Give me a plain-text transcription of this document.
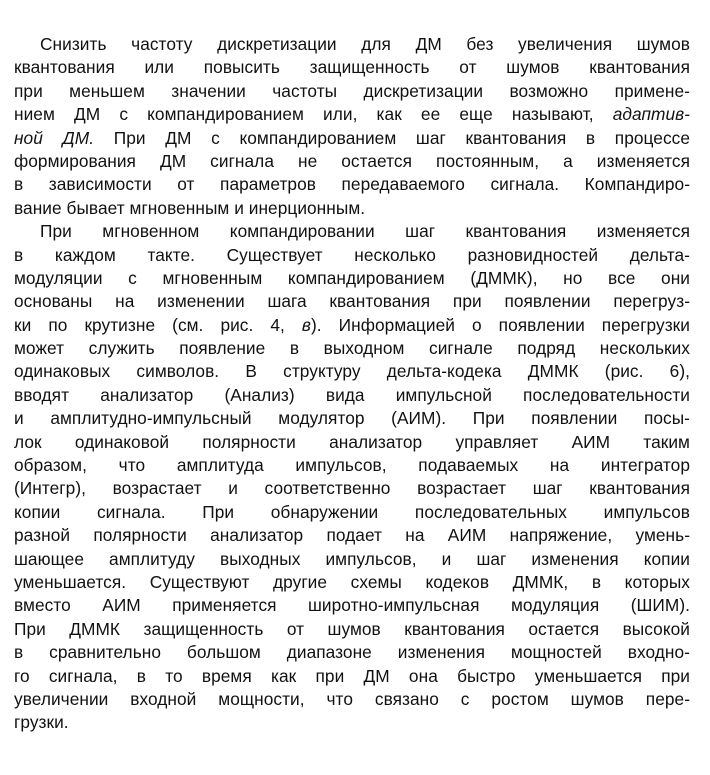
Снизить частоту дискретизации для ДМ без увеличения шумов
квантования или повысить защищенность от шумов квантования
при меньшем значении частоты дискретизации возможно примене-
нием ДМ с компандированием или, как ее еще называют, адаптив-
ной ДМ. При ДМ с компандированием шаг квантования в процессе
формирования ДМ сигнала не остается постоянным, а изменяется
в зависимости от параметров передаваемого сигнала. Компандиро-
вание бывает мгновенным и инерционным.
При мгновенном компандировании шаг квантования изменяется
в каждом такте. Существует несколько разновидностей дельта-
модуляции с мгновенным компандированием (ДММК), но все они
основаны на изменении шага квантования при появлении перегруз-
ки по крутизне (см. рис. 4, в). Информацией о появлении перегрузки
может служить появление в выходном сигнале подряд нескольких
одинаковых символов. В структуру дельта-кодека ДММК (рис. 6),
вводят анализатор (Анализ) вида импульсной последовательности
и амплитудно-импульсный модулятор (АИМ). При появлении посы-
лок одинаковой полярности анализатор управляет АИМ таким
образом, что амплитуда импульсов, подаваемых на интегратор
(Интегр), возрастает и соответственно возрастает шаг квантования
копии сигнала. При обнаружении последовательных импульсов
разной полярности анализатор подает на АИМ напряжение, умень-
шающее амплитуду выходных импульсов, и шаг изменения копии
уменьшается. Существуют другие схемы кодеков ДММК, в которых
вместо АИМ применяется широтно-импульсная модуляция (ШИМ).
При ДММК защищенность от шумов квантования остается высокой
в сравнительно большом диапазоне изменения мощностей входно-
го сигнала, в то время как при ДМ она быстро уменьшается при
увеличении входной мощности, что связано с ростом шумов пере-
грузки.
